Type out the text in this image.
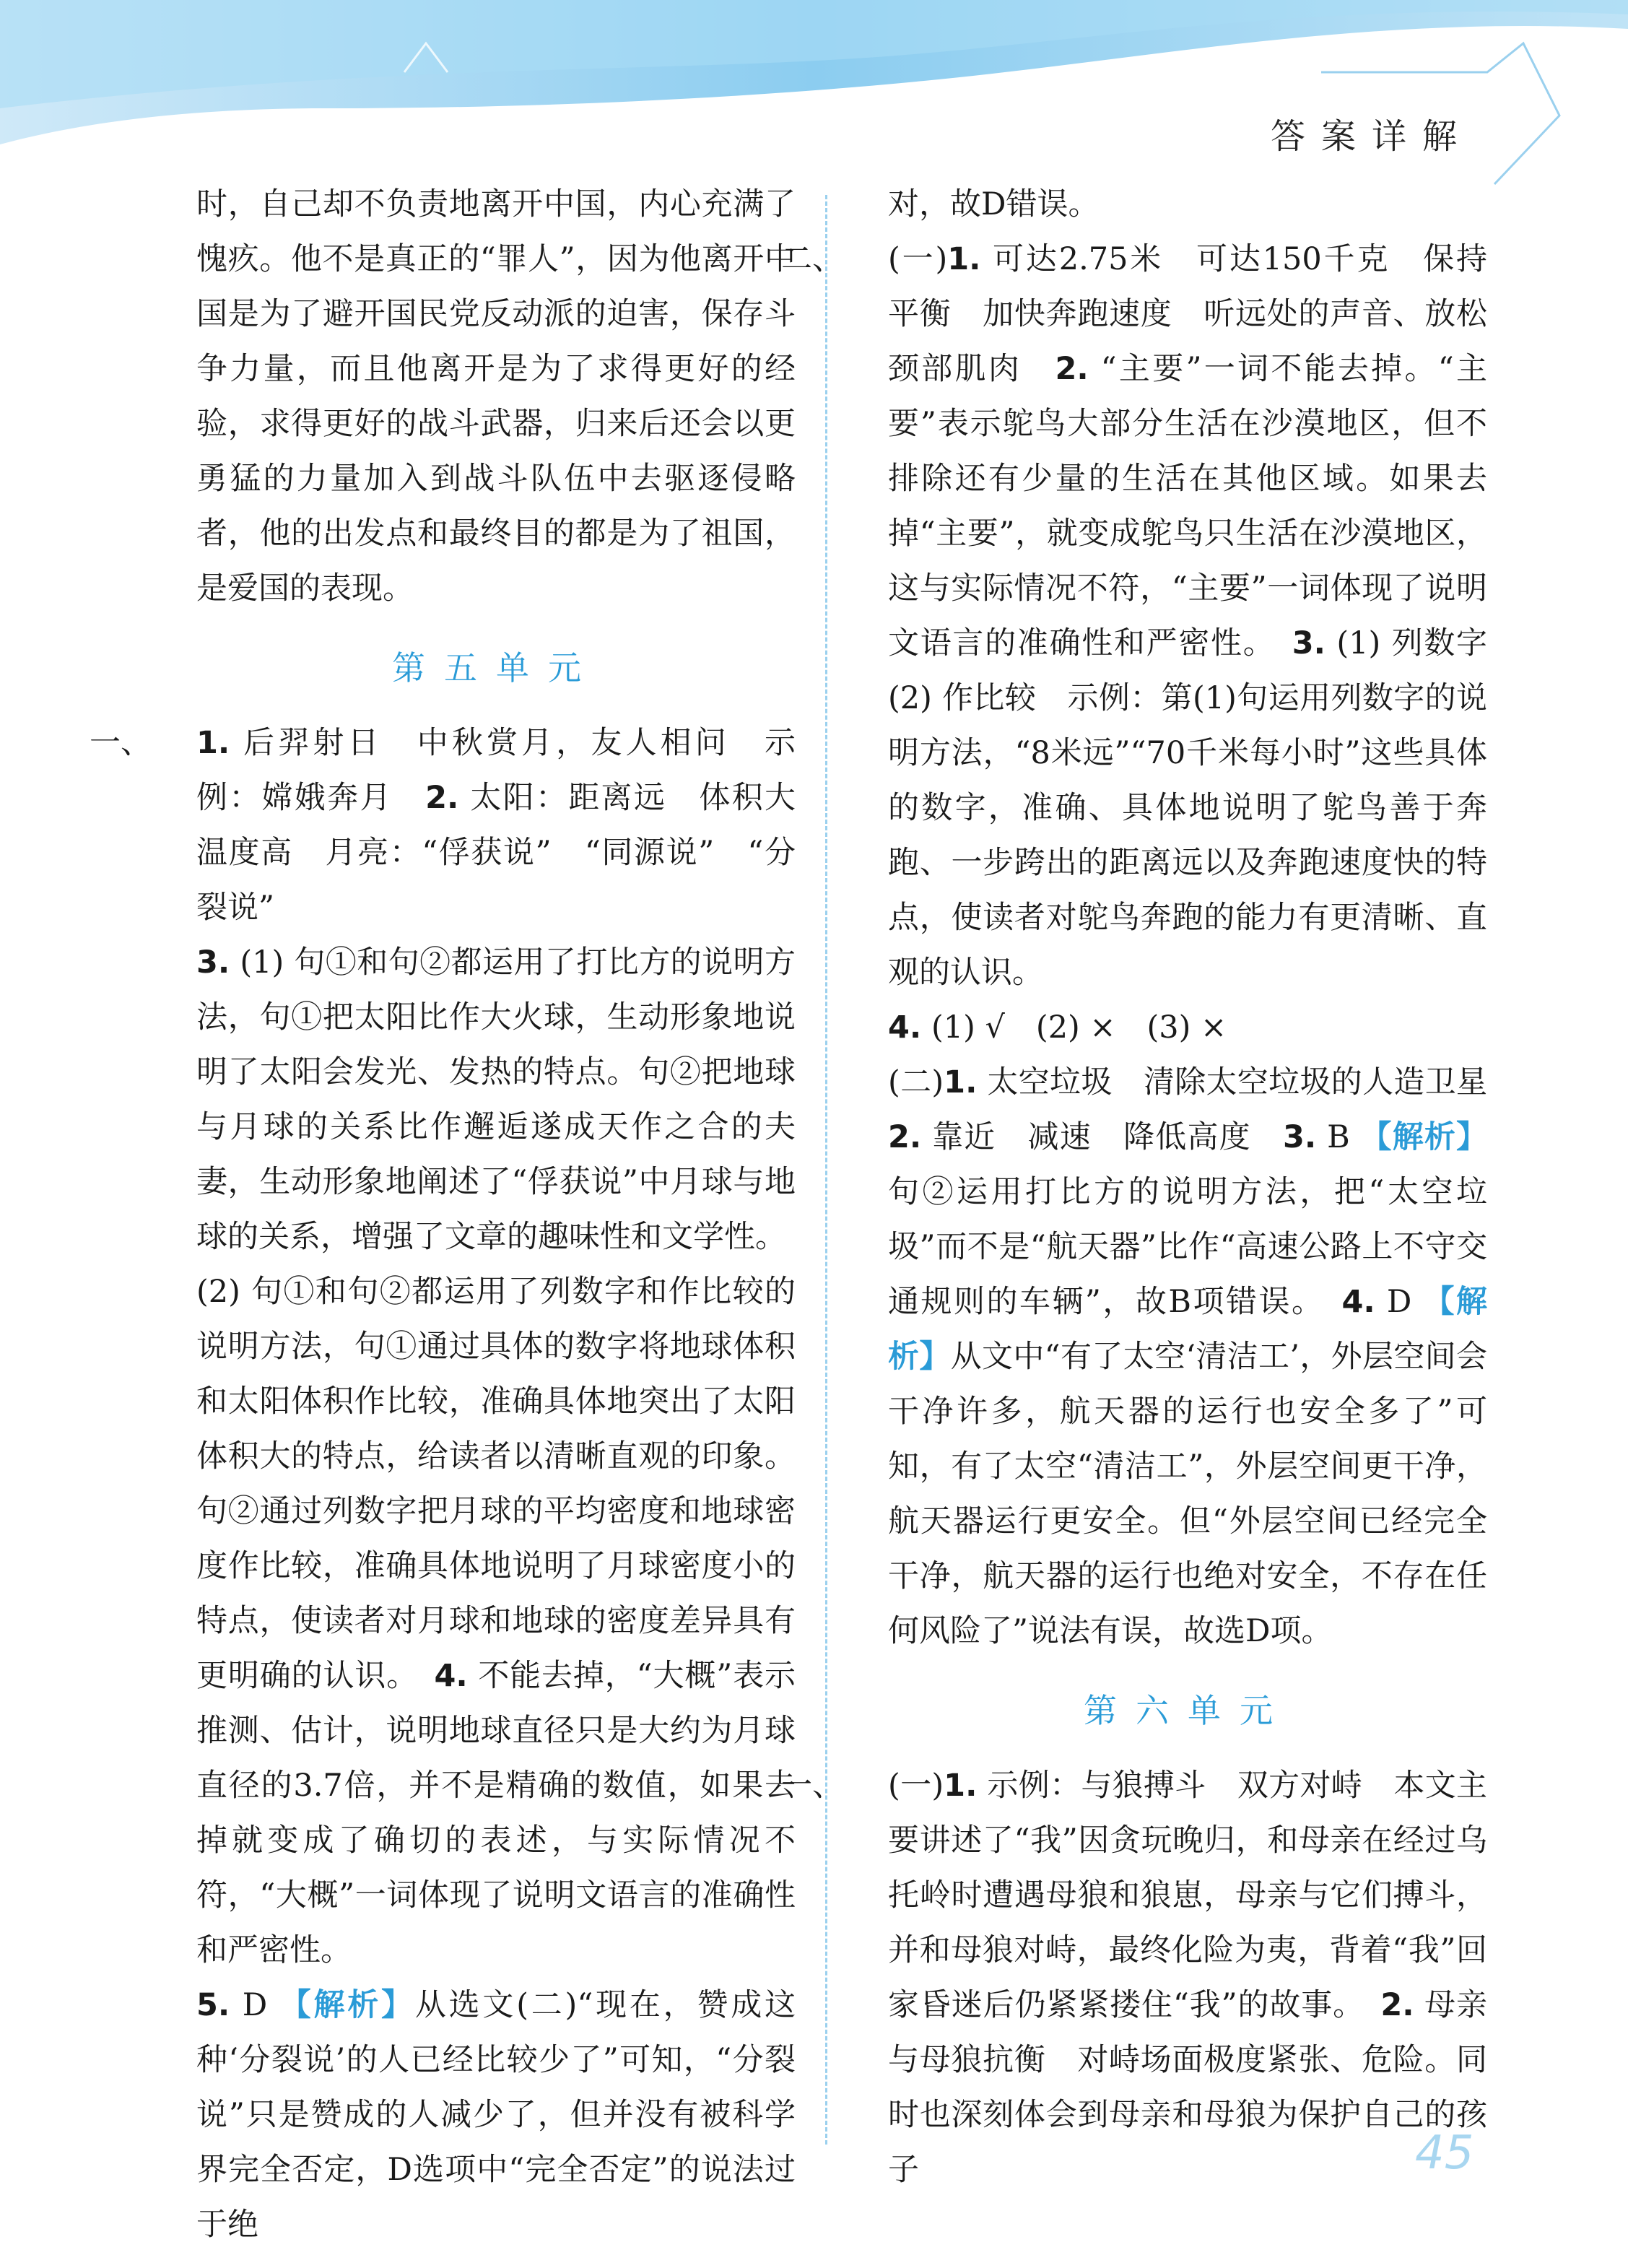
答案详解

时，自己却不负责地离开中国，内心充满了愧疚。他不是真正的“罪人”，因为他离开中国是为了避开国民党反动派的迫害，保存斗争力量，而且他离开是为了求得更好的经验，求得更好的战斗武器，归来后还会以更勇猛的力量加入到战斗队伍中去驱逐侵略者，他的出发点和最终目的都是为了祖国，是爱国的表现。

第五单元

一、 1. 后羿射日　中秋赏月，友人相问　示例：嫦娥奔月　 2. 太阳：距离远　体积大　温度高　月亮：“俘获说”　“同源说”　“分裂说”

3. (1) 句①和句②都运用了打比方的说明方法，句①把太阳比作大火球，生动形象地说明了太阳会发光、发热的特点。句②把地球与月球的关系比作邂逅遂成天作之合的夫妻，生动形象地阐述了“俘获说”中月球与地球的关系，增强了文章的趣味性和文学性。

(2) 句①和句②都运用了列数字和作比较的说明方法，句①通过具体的数字将地球体积和太阳体积作比较，准确具体地突出了太阳体积大的特点，给读者以清晰直观的印象。句②通过列数字把月球的平均密度和地球密度作比较，准确具体地说明了月球密度小的特点，使读者对月球和地球的密度差异具有更明确的认识。　 4. 不能去掉，“大概”表示推测、估计，说明地球直径只是大约为月球直径的3.7倍，并不是精确的数值，如果去掉就变成了确切的表述，与实际情况不符，“大概”一词体现了说明文语言的准确性和严密性。

5. D 【解析】从选文(二)“现在，赞成这种‘分裂说’的人已经比较少了”可知，“分裂说”只是赞成的人减少了，但并没有被科学界完全否定，D选项中“完全否定”的说法过于绝

对，故D错误。

二、 (一)1. 可达2.75米　可达150千克　保持平衡　加快奔跑速度　听远处的声音、放松颈部肌肉　 2. “主要”一词不能去掉。“主要”表示鸵鸟大部分生活在沙漠地区，但不排除还有少量的生活在其他区域。如果去掉“主要”，就变成鸵鸟只生活在沙漠地区，这与实际情况不符，“主要”一词体现了说明文语言的准确性和严密性。　 3. (1) 列数字　(2) 作比较　示例：第(1)句运用列数字的说明方法，“8米远”“70千米每小时”这些具体的数字，准确、具体地说明了鸵鸟善于奔跑、一步跨出的距离远以及奔跑速度快的特点，使读者对鸵鸟奔跑的能力有更清晰、直观的认识。

4. (1) √　(2) ×　(3) ×

(二)1. 太空垃圾　清除太空垃圾的人造卫星　2. 靠近　减速　降低高度　 3. B 【解析】句②运用打比方的说明方法，把“太空垃圾”而不是“航天器”比作“高速公路上不守交通规则的车辆”，故B项错误。　 4. D 【解析】从文中“有了太空‘清洁工’，外层空间会干净许多，航天器的运行也安全多了”可知，有了太空“清洁工”，外层空间更干净，航天器运行更安全。但“外层空间已经完全干净，航天器的运行也绝对安全，不存在任何风险了”说法有误，故选D项。

第六单元

一、 (一)1. 示例：与狼搏斗　双方对峙　本文主要讲述了“我”因贪玩晚归，和母亲在经过乌托岭时遭遇母狼和狼崽，母亲与它们搏斗，并和母狼对峙，最终化险为夷，背着“我”回家昏迷后仍紧紧搂住“我”的故事。　 2. 母亲与母狼抗衡　对峙场面极度紧张、危险。同时也深刻体会到母亲和母狼为保护自己的孩子	45
